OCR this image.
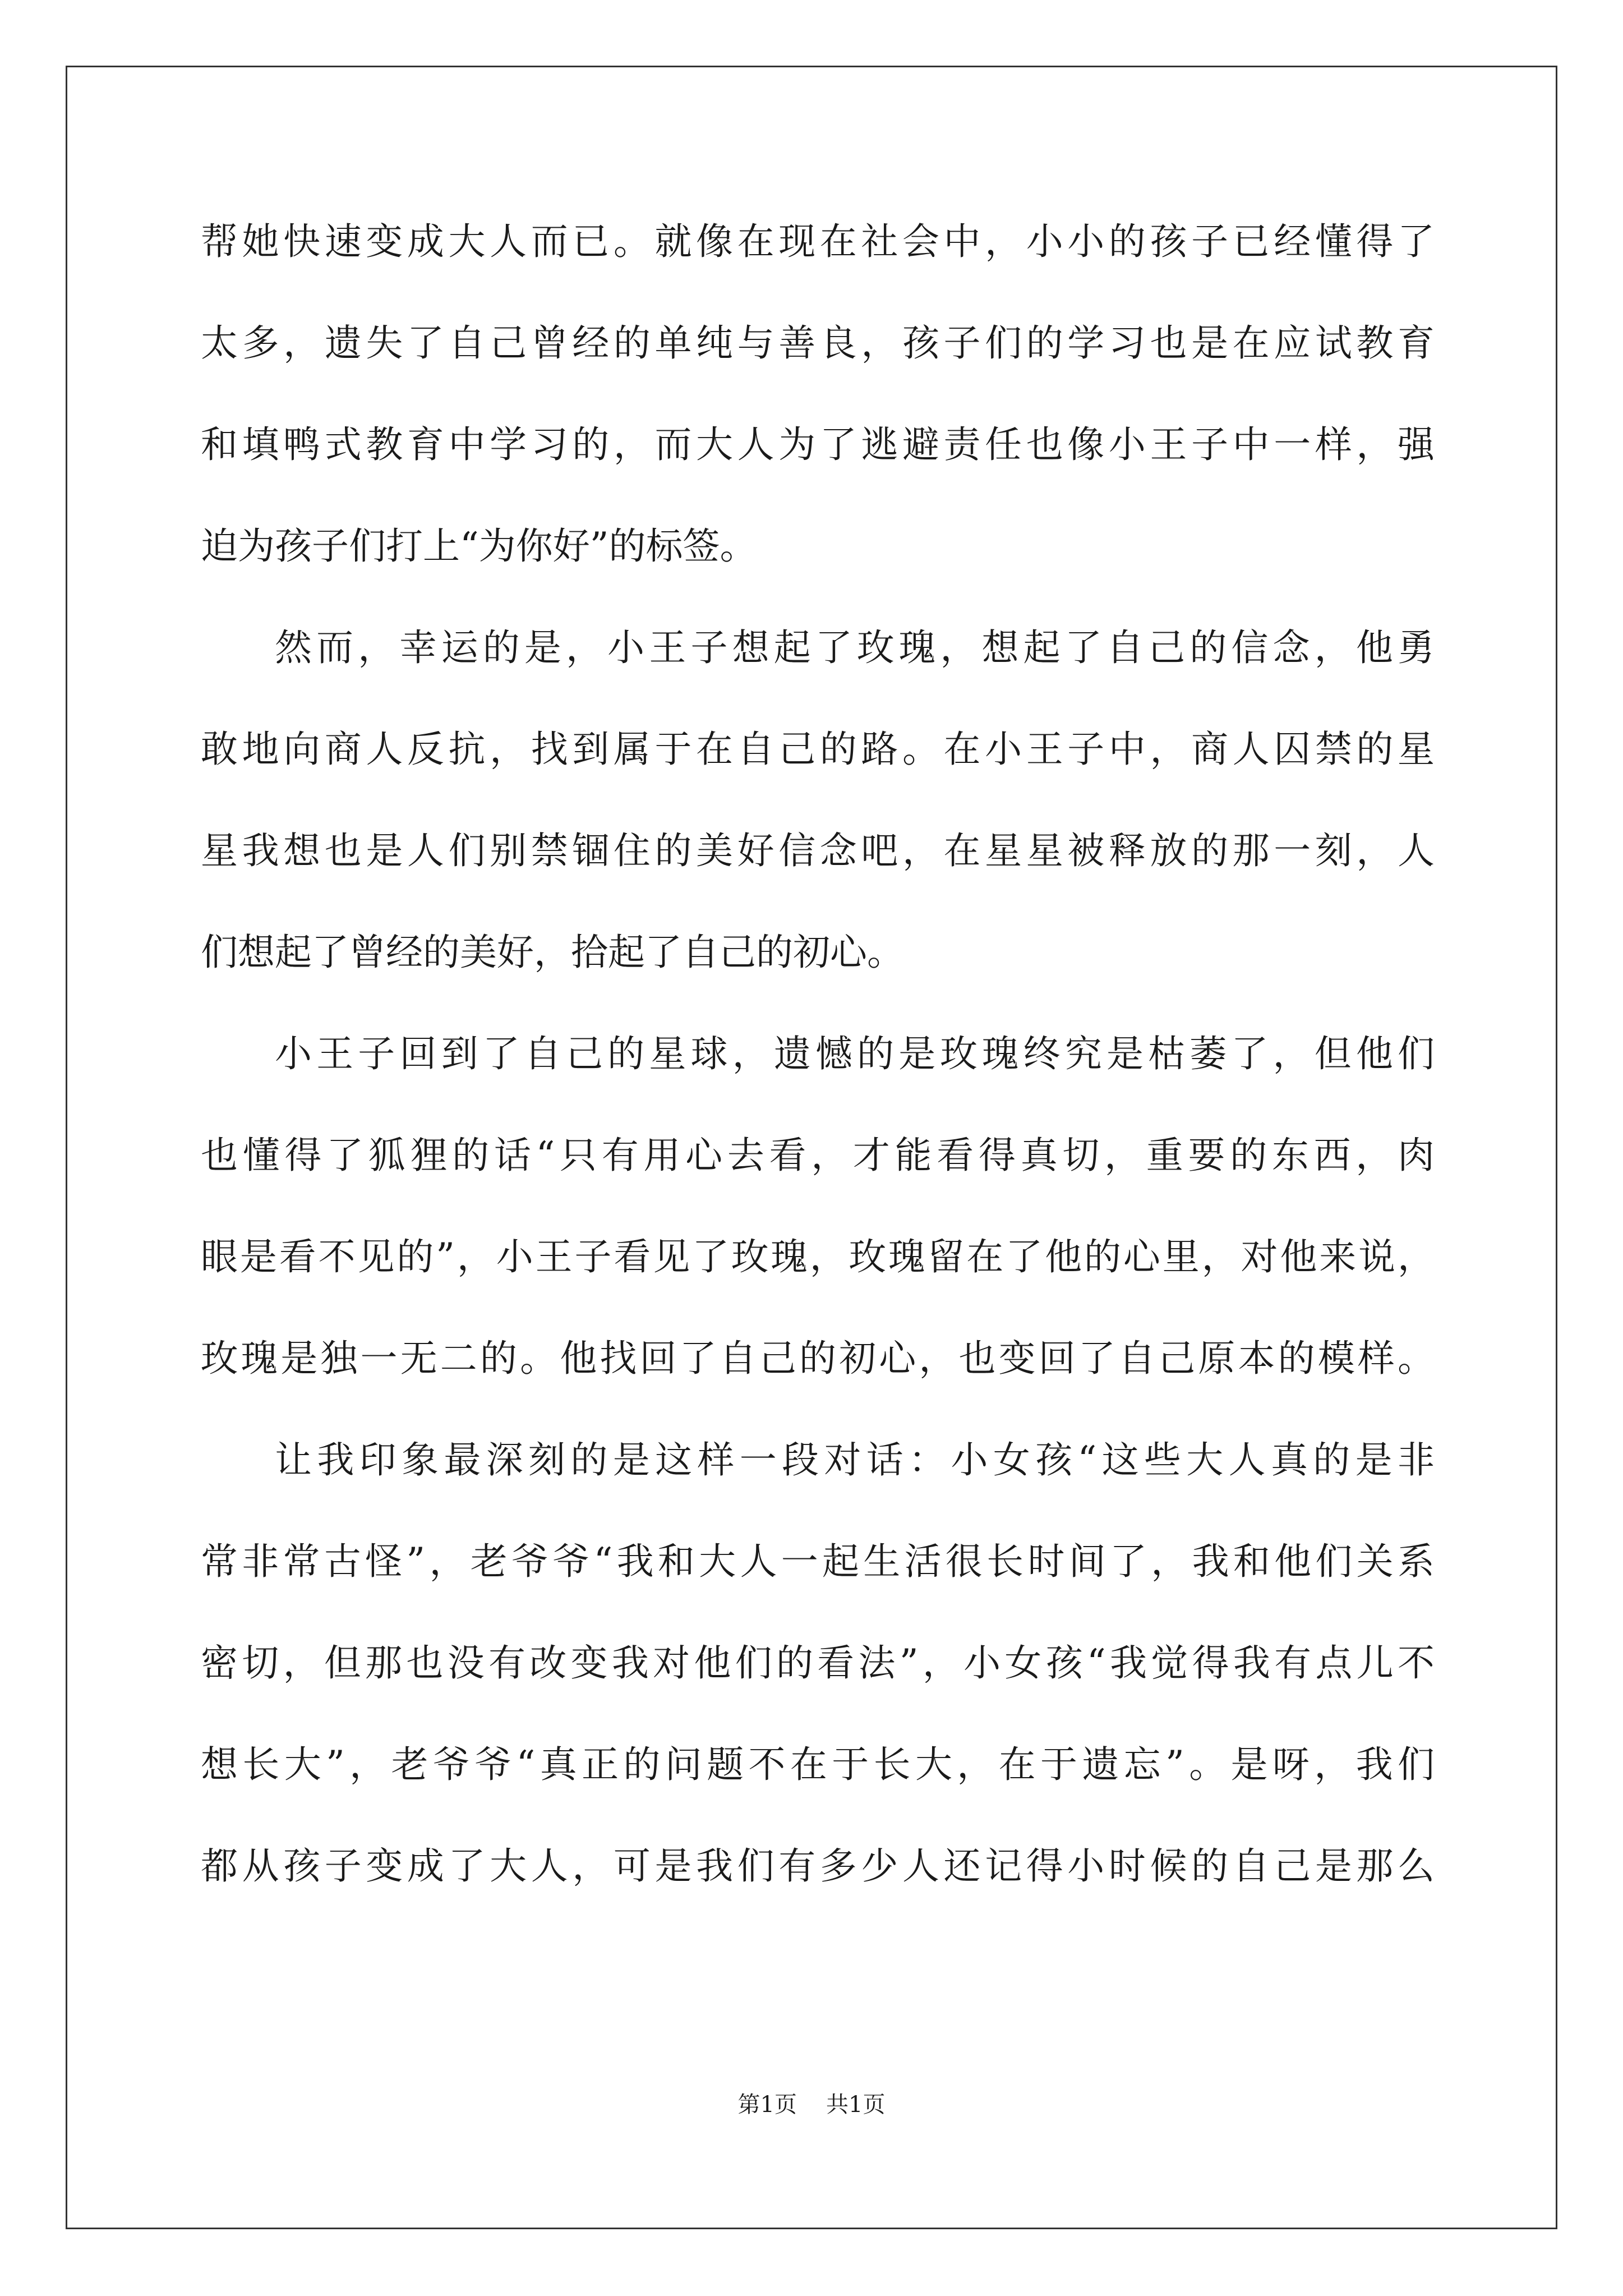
帮她快速变成大人而已。就像在现在社会中，小小的孩子已经懂得了
太多，遗失了自己曾经的单纯与善良，孩子们的学习也是在应试教育
和填鸭式教育中学习的，而大人为了逃避责任也像小王子中一样，强
迫为孩子们打上“为你好”的标签。
然而，幸运的是，小王子想起了玫瑰，想起了自己的信念，他勇
敢地向商人反抗，找到属于在自己的路。在小王子中，商人囚禁的星
星我想也是人们别禁锢住的美好信念吧，在星星被释放的那一刻，人
们想起了曾经的美好，拾起了自己的初心。
小王子回到了自己的星球，遗憾的是玫瑰终究是枯萎了，但他们
也懂得了狐狸的话“只有用心去看，才能看得真切，重要的东西，肉
眼是看不见的”，小王子看见了玫瑰，玫瑰留在了他的心里，对他来说，
玫瑰是独一无二的。他找回了自己的初心，也变回了自己原本的模样。
让我印象最深刻的是这样一段对话：小女孩“这些大人真的是非
常非常古怪”，老爷爷“我和大人一起生活很长时间了，我和他们关系
密切，但那也没有改变我对他们的看法”，小女孩“我觉得我有点儿不
想长大”，老爷爷“真正的问题不在于长大，在于遗忘”。是呀，我们
都从孩子变成了大人，可是我们有多少人还记得小时候的自己是那么
第1页 共1页
